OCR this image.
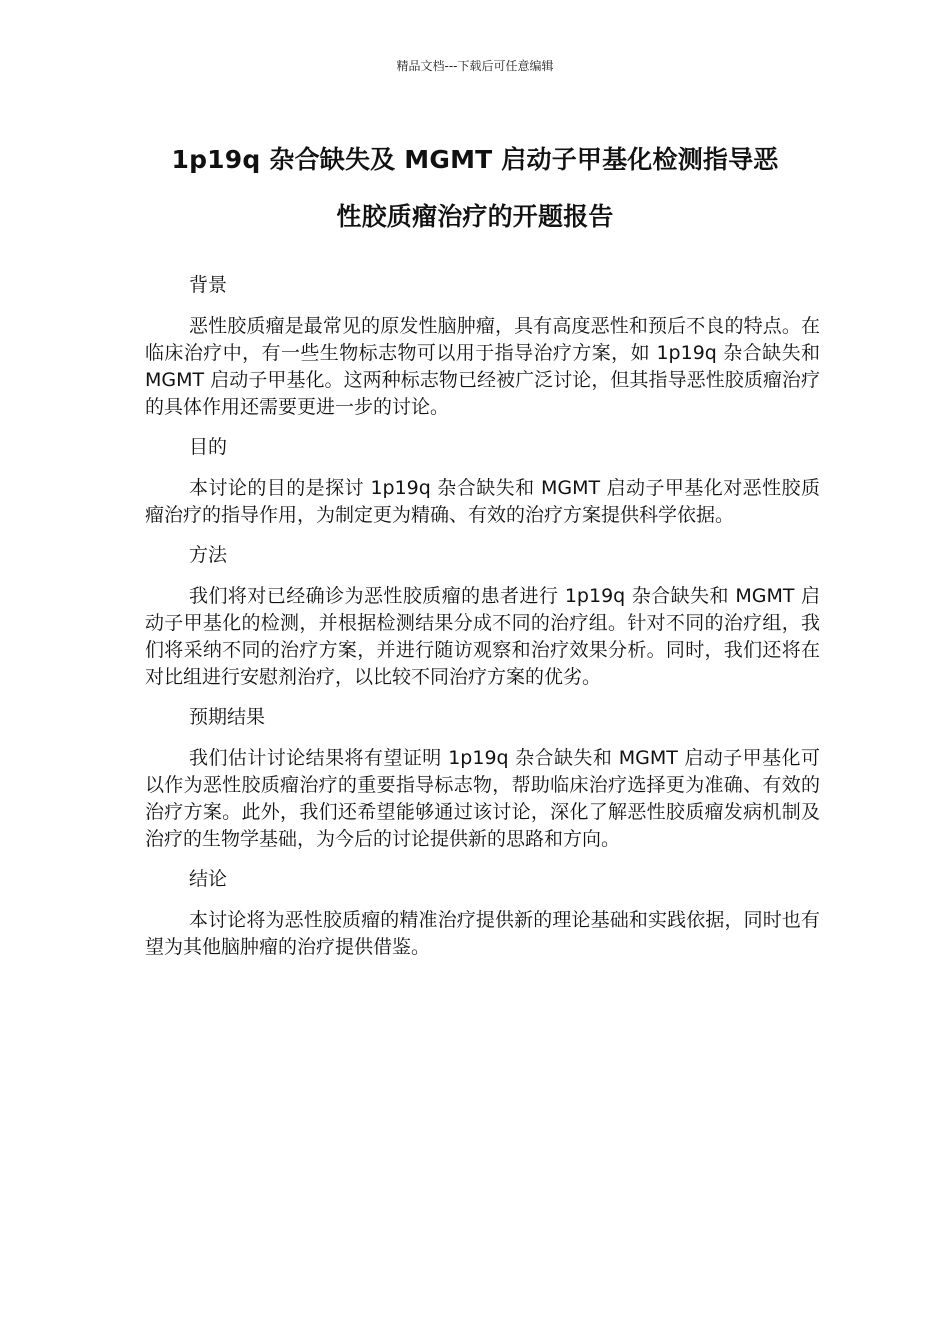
精品文档---下载后可任意编辑
1p19q 杂合缺失及 MGMT 启动子甲基化检测指导恶
性胶质瘤治疗的开题报告

背景

恶性胶质瘤是最常见的原发性脑肿瘤，具有高度恶性和预后不良的特点。在临床治疗中，有一些生物标志物可以用于指导治疗方案，如 1p19q 杂合缺失和 MGMT 启动子甲基化。这两种标志物已经被广泛讨论，但其指导恶性胶质瘤治疗的具体作用还需要更进一步的讨论。

目的

本讨论的目的是探讨 1p19q 杂合缺失和 MGMT 启动子甲基化对恶性胶质瘤治疗的指导作用，为制定更为精确、有效的治疗方案提供科学依据。

方法

我们将对已经确诊为恶性胶质瘤的患者进行 1p19q 杂合缺失和 MGMT 启动子甲基化的检测，并根据检测结果分成不同的治疗组。针对不同的治疗组，我们将采纳不同的治疗方案，并进行随访观察和治疗效果分析。同时，我们还将在对比组进行安慰剂治疗，以比较不同治疗方案的优劣。

预期结果

我们估计讨论结果将有望证明 1p19q 杂合缺失和 MGMT 启动子甲基化可以作为恶性胶质瘤治疗的重要指导标志物，帮助临床治疗选择更为准确、有效的治疗方案。此外，我们还希望能够通过该讨论，深化了解恶性胶质瘤发病机制及治疗的生物学基础，为今后的讨论提供新的思路和方向。

结论

本讨论将为恶性胶质瘤的精准治疗提供新的理论基础和实践依据，同时也有望为其他脑肿瘤的治疗提供借鉴。
